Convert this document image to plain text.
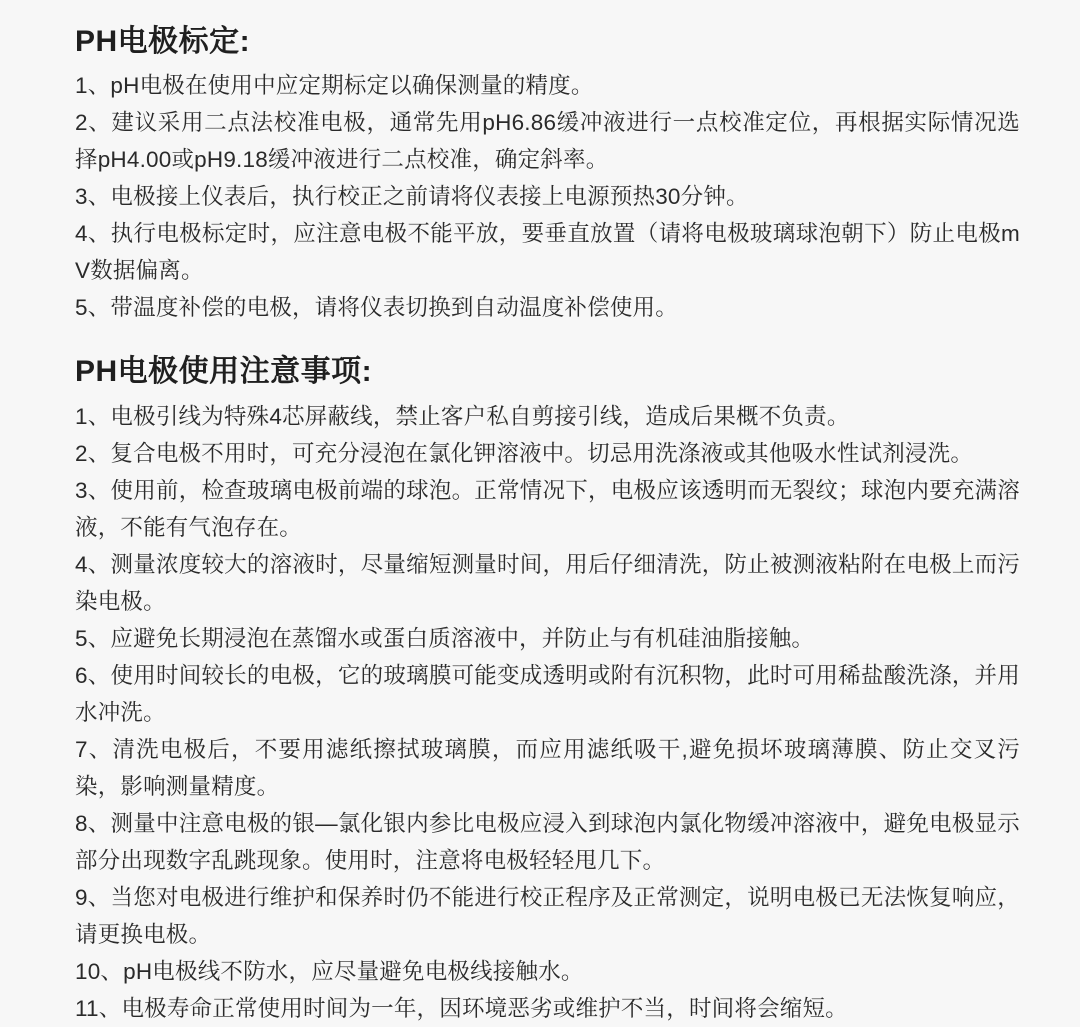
PH电极标定:

1、pH电极在使用中应定期标定以确保测量的精度。

2、建议采用二点法校准电极，通常先用pH6.86缓冲液进行一点校准定位，再根据实际情况选择pH4.00或pH9.18缓冲液进行二点校准，确定斜率。

3、电极接上仪表后，执行校正之前请将仪表接上电源预热30分钟。

4、执行电极标定时，应注意电极不能平放，要垂直放置（请将电极玻璃球泡朝下）防止电极mV数据偏离。

5、带温度补偿的电极，请将仪表切换到自动温度补偿使用。

PH电极使用注意事项:

1、电极引线为特殊4芯屏蔽线，禁止客户私自剪接引线，造成后果概不负责。

2、复合电极不用时，可充分浸泡在氯化钾溶液中。切忌用洗涤液或其他吸水性试剂浸洗。

3、使用前，检查玻璃电极前端的球泡。正常情况下，电极应该透明而无裂纹；球泡内要充满溶液，不能有气泡存在。

4、测量浓度较大的溶液时，尽量缩短测量时间，用后仔细清洗，防止被测液粘附在电极上而污染电极。

5、应避免长期浸泡在蒸馏水或蛋白质溶液中，并防止与有机硅油脂接触。

6、使用时间较长的电极，它的玻璃膜可能变成透明或附有沉积物，此时可用稀盐酸洗涤，并用水冲洗。

7、清洗电极后，不要用滤纸擦拭玻璃膜，而应用滤纸吸干,避免损坏玻璃薄膜、防止交叉污染，影响测量精度。

8、测量中注意电极的银—氯化银内参比电极应浸入到球泡内氯化物缓冲溶液中，避免电极显示部分出现数字乱跳现象。使用时，注意将电极轻轻甩几下。

9、当您对电极进行维护和保养时仍不能进行校正程序及正常测定，说明电极已无法恢复响应，请更换电极。

10、pH电极线不防水，应尽量避免电极线接触水。

11、电极寿命正常使用时间为一年，因环境恶劣或维护不当，时间将会缩短。
